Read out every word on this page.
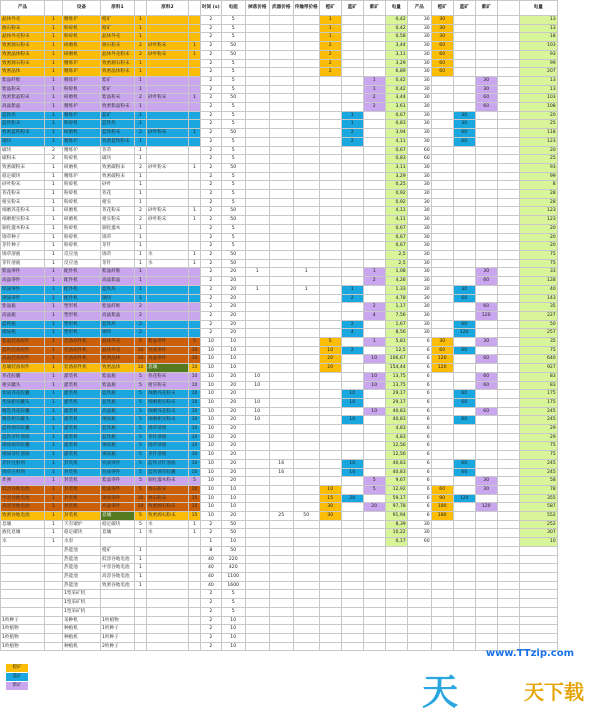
产品		设备	原料1		原料2		时间 (s)	电能	掉落价格	武器价格	传输带价格	橙矿	蓝矿	紫矿	电量	产品	橙矿	蓝矿	紫矿		电量
晶体外壳	1	精炼炉	橙矿	1			2	5				1			0,42	30	30				13
源石粉末	1	粉碎机	橙矿	1			2	5				1			0,42	30	30				13
晶体外壳粉末	1	粉碎机	晶体外壳	1			2	5				1			0,58	30	30				18
致密源石粉末	1	研磨机	源石粉末	2	砂叶粉末	1	2	50				2			3,44	30	60				103
致密晶体粉末	1	研磨机	晶体外壳粉末	2	砂叶粉末	1	2	50				2			3,11	30	60				93
致密源石粉末	1	精炼炉	致密源石粉末	1			2	5				2			3,29	30	60				99
致密晶体	1	精炼炉	致密晶体粉末	1			2	5				2			6,89	30	60				207
紫晶纤维	1	精炼炉	紫矿	1			2	5						1	0,42	30			30		13
紫晶粉末	1	粉碎机	紫矿	1			2	5						1	0,42	30			30		13
致密紫晶粉末	1	研磨机	紫晶粉末	2	砂叶粉末	1	2	50						2	3,44	30			60		103
高晶紫晶	1	精炼炉	致密紫晶粉末	1			2	5						2	3,61	30			60		108
蓝铁块	1	精炼炉	蓝矿	1			2	5					1		0,67	30		30			20
蓝铁粉末	1	粉碎机	蓝铁块	1			2	5					1		0,83	30		30			25
致密蓝铁粉末	1	研磨机	蓝铁粉末	2	砂叶粉末	1	2	50					2		3,94	30		60			118
钢块	1	精炼炉	致密蓝铁粉末	1			2	5					2		4,11	30		60			123
碳块	2	精炼炉	荞草	1			2	5							0,67	60					20
碳粉末	2	粉碎机	碳块	1			2	5							0,83	60					25
致密碳粉末	1	研磨机	致密碳粉末	2	砂叶粉末	1	2	50							3,11	30					93
稳定碳块	1	精炼炉	致密碳粉末	1			2	5							3,29	30					99
砂叶粉末	1	粉碎机	砂叶	1			2	5							0,25	30					8
荞花粉末	1	粉碎机	荞花	1			2	5							0,92	30					28
柑实粉末	1	粉碎机	柑实	1			2	5							0,92	30					28
细磨荞花粉末	1	研磨机	荞花粉末	2	砂叶粉末	1	2	50							4,11	30					123
细磨柑实粉末	1	研磨机	柑实粉末	2	砂叶粉末	1	2	50							4,11	30					123
铜化灌木粉末	1	粉碎机	铜化灌木	1			2	5							0,67	30					20
锦草种子	1	粉碎机	锦草	1			2	5							0,67	30					20
芽针种子	1	粉碎机	芽针	1			2	5							0,67	30					20
锦草溶液	1	反应池	锦草	1	水	1	2	50							2,5	30					75
芽针溶液	1	反应池	芽针	1	水	1	2	50							2,5	30					75
紫晶零件	1	配件机	紫晶纤维	1			2	20	1		1			1	1,08	30			30		33
高晶零件	1	配件机	高晶紫晶	1			2	20						2	4,28	30			60		128
铁质零件	1	配件机	蓝铁块	1			2	20	1		1		1		1,33	30		30			40
钢质零件	1	配件机	钢块	1			2	20					2		4,78	30		60			143
紫晶瓶	1	塑形机	紫晶纤维	2			2	20						2	1,17	30			60		35
高晶瓶	1	塑形机	高晶紫晶	2			2	20						4	7,56	30			120		227
蓝铁瓶	1	塑形机	蓝铁块	2			2	20					2		1,67	30		60			50
钢质瓶	1	塑形机	钢块	2			2	20					4		8,56	30		120			257
紫晶装备原件	1	装备原件机	晶体外壳	5	紫晶零件	5	10	10				5		1	5,81	6	30		30		35
蓝铁装备原件	1	装备原件机	晶体外壳	10	铁质零件	10	10	10				10	2		12,5	6	60	60			75
高晶装备原件	1	装备原件机	致密晶体	10	高晶零件	10	10	10				20		10	106,67	6	120		60		640
息壤装备原件	1	装备原件机	致密晶体	10	息壤	10	10	10				20			154,44	6	120				927
荞花胶囊	1	灌装机	紫晶瓶	5	荞花粉末	10	10	20	10					10	13,75	6			60		83
柑实罐头	1	灌装机	紫晶瓶	5	柑实粉末	10	10	20	10					10	13,75	6			60		83
优质荞花胶囊	1	灌装机	蓝铁瓶	5	细磨荞花粉末	10	10	20					10		29,17	6		60			175
优质柑实罐头	1	灌装机	蓝铁瓶	5	细磨柑实粉末	10	10	20	10				10		29,17	6		60			175
精选荞花胶囊	1	灌装机	高晶瓶	5	细磨荞花粉末	10	10	20	10					10	40,83	6			60		245
精选柑实罐头	1	灌装机	钢质瓶	5	细磨柑实粉末	10	10	20	10				10		40,83	6		60			245
蓝铁锦草胶囊	1	灌装机	蓝铁瓶	5	锦草溶液	10	10	20							4,83	6					29
蓝铁芽针溶液	1	灌装机	蓝铁瓶	5	芽针溶液	10	10	20							4,83	6					29
钢质锦草胶囊	1	灌装机	钢质瓶	5	锦草溶液	10	10	20							12,56	6					75
钢质芽针溶液	1	灌装机	钢质瓶	5	芽针溶液	10	10	20							12,56	6					75
芽针注射剂	1	封装机	铁质零件	5	蓝铁芽针溶液	10	10	20		16			10		40,83	6		60			245
锦草注射剂	1	封装机	铁质零件	5	蓝铁锦草胶囊	10	10	20		16			10		40,83	6		60			245
炸弹	1	封装机	紫晶零件	5	铜化灌木粉末	5	10	20						5	9,67	6			30		58
低容谷地电池	1	封装机	紫晶零件	5	源石粉末	10	10	10				10		5	12,92	6	60		30		78
中容谷地电池	1	封装机	钢质零件	10	源石粉末	15	10	10				15	20		59,17	6	90	120			355
高容谷地电池	1	封装机	高晶零件	10	致密源石粉末	15	10	10				30		20	97,78	6	180		120		587
致密谷地电池	1	封装机	息壤	5	致密源石粉末	15	10	20		25	50	30			91,94	6	180				552
息壤	1	天有锻炉	稳定碳块	5	水	1	2	50							8,39	30					252
液化息壤	1	稳定碳块	息壤	1	水	1	2	50							10,22	30					307
水	1	水泵					1	10							0,17	60					10
		热能池	橙矿	1			8	50													
		热能池	低容谷地电池	1			40	220													
		热能池	中容谷地电池	1			40	420													
		热能池	高容谷地电池	1			40	1100													
		热能池	致密谷地电池	1			40	1600													
		1型采矿机					2	5													
		1型采矿机					2	5													
		1型采矿机					2	5													
1枚种子		采种机	1枚植物				2	10													
1枚植物		种植机	1枚种子				2	10													
1枚植物		种植机	1枚种子				2	10													
1枚植物		种植机	2枚种子				2	10													
橙矿
蓝矿
紫矿
www.TTzip.com
天	天下载
